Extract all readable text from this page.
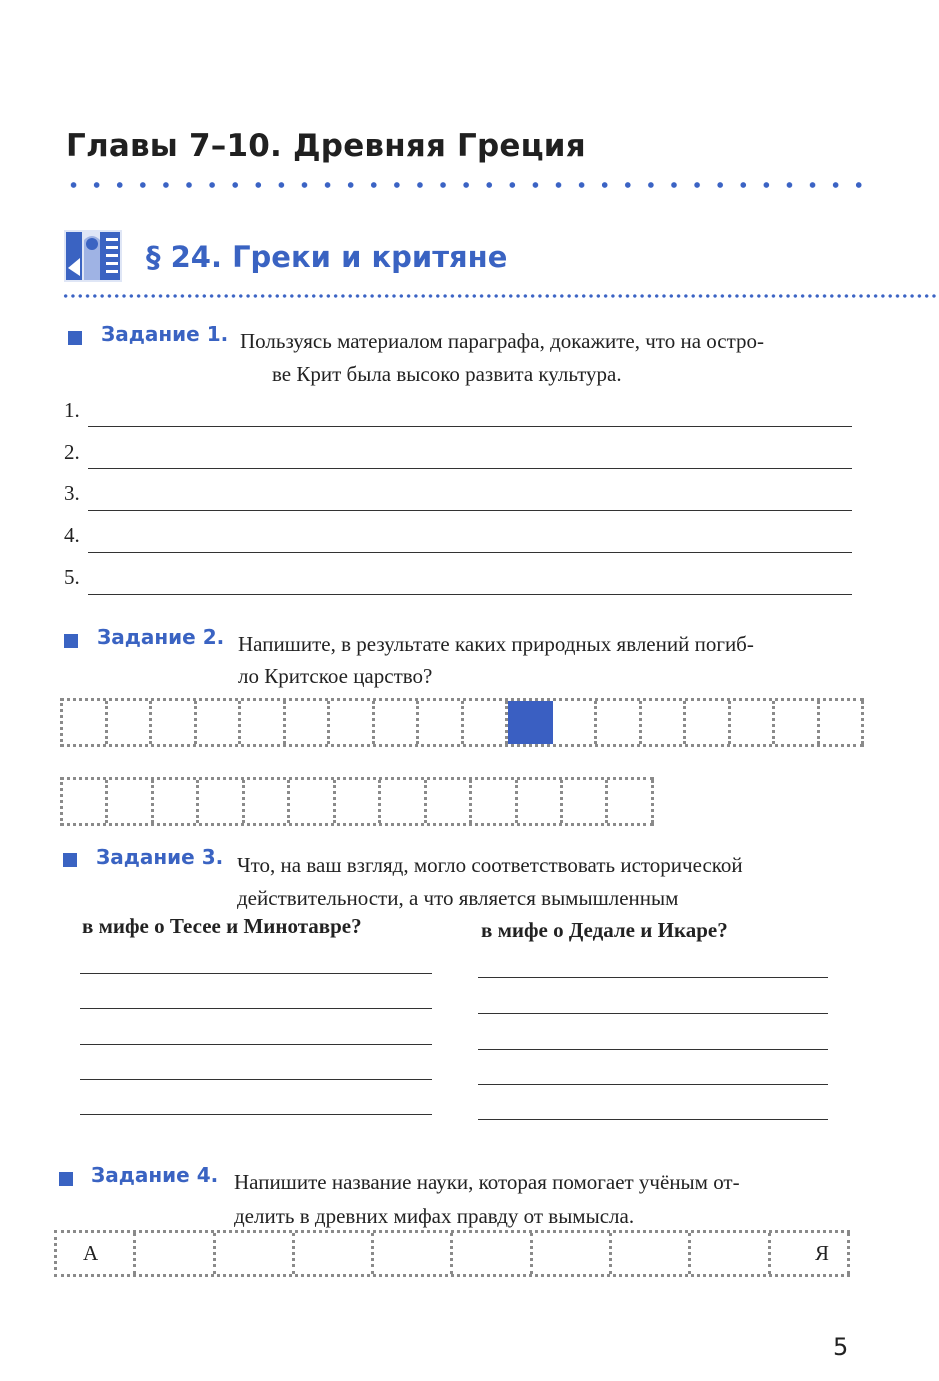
Главы 7–10. Древняя Греция
§ 24. Греки и критяне
Задание 1. Пользуясь материалом параграфа, докажите, что на остро-
ве Крит была высоко развита культура.
1.
2.
3.
4.
5.
Задание 2. Напишите, в результате каких природных явлений погиб-
ло Критское царство?
Задание 3. Что, на ваш взгляд, могло соответствовать исторической
действительности, а что является вымышленным
в мифе о Тесее и Минотавре?	в мифе о Дедале и Икаре?
Задание 4. Напишите название науки, которая помогает учёным от-
делить в древних мифах правду от вымысла.
А	Я
5
